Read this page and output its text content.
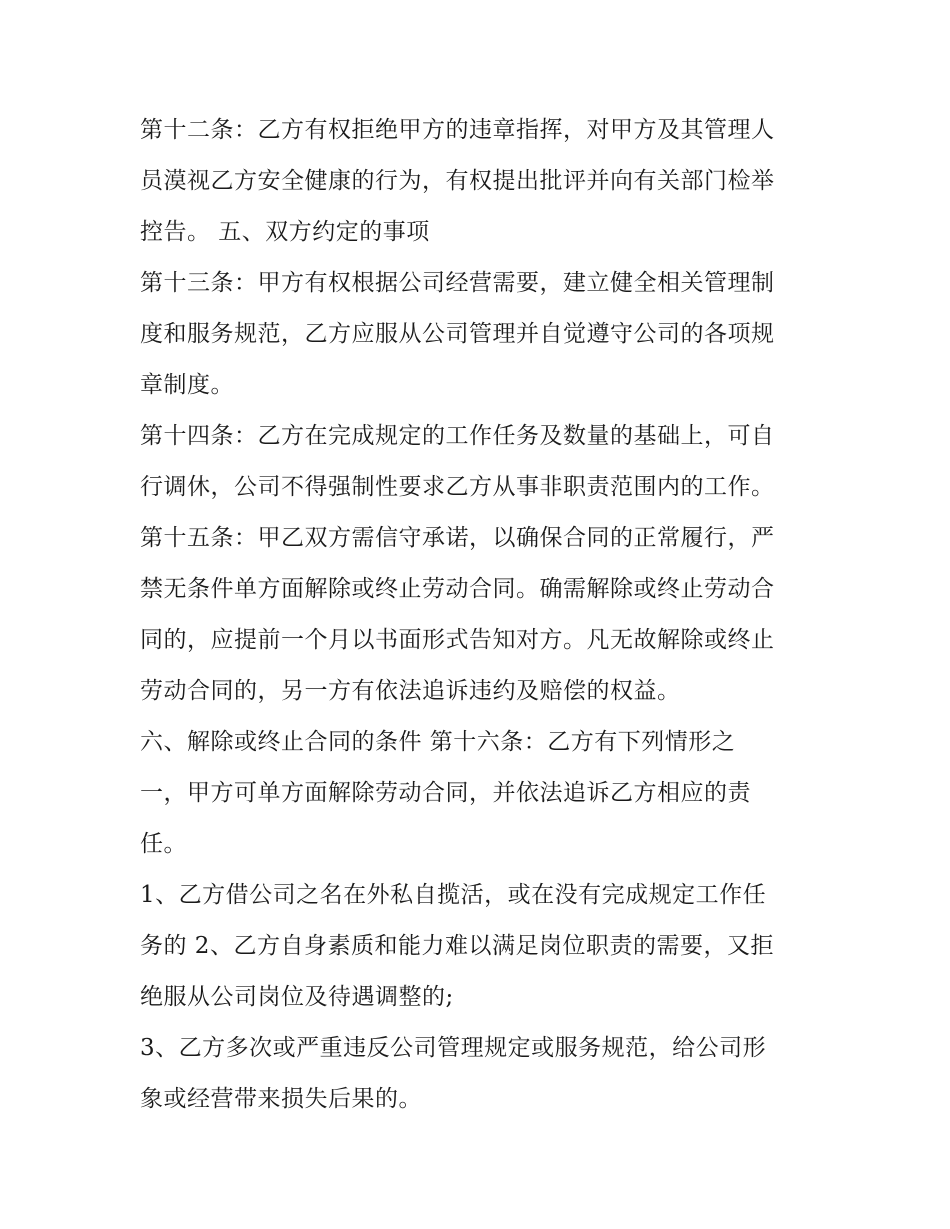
第十二条：乙方有权拒绝甲方的违章指挥，对甲方及其管理人
员漠视乙方安全健康的行为，有权提出批评并向有关部门检举
控告。 五、双方约定的事项
第十三条：甲方有权根据公司经营需要，建立健全相关管理制
度和服务规范，乙方应服从公司管理并自觉遵守公司的各项规
章制度。
第十四条：乙方在完成规定的工作任务及数量的基础上，可自
行调休，公司不得强制性要求乙方从事非职责范围内的工作。
第十五条：甲乙双方需信守承诺，以确保合同的正常履行，严
禁无条件单方面解除或终止劳动合同。确需解除或终止劳动合
同的，应提前一个月以书面形式告知对方。凡无故解除或终止
劳动合同的，另一方有依法追诉违约及赔偿的权益。
六、解除或终止合同的条件 第十六条：乙方有下列情形之
一，甲方可单方面解除劳动合同，并依法追诉乙方相应的责
任。
1、乙方借公司之名在外私自揽活，或在没有完成规定工作任
务的 2、乙方自身素质和能力难以满足岗位职责的需要，又拒
绝服从公司岗位及待遇调整的;
3、乙方多次或严重违反公司管理规定或服务规范，给公司形
象或经营带来损失后果的。
